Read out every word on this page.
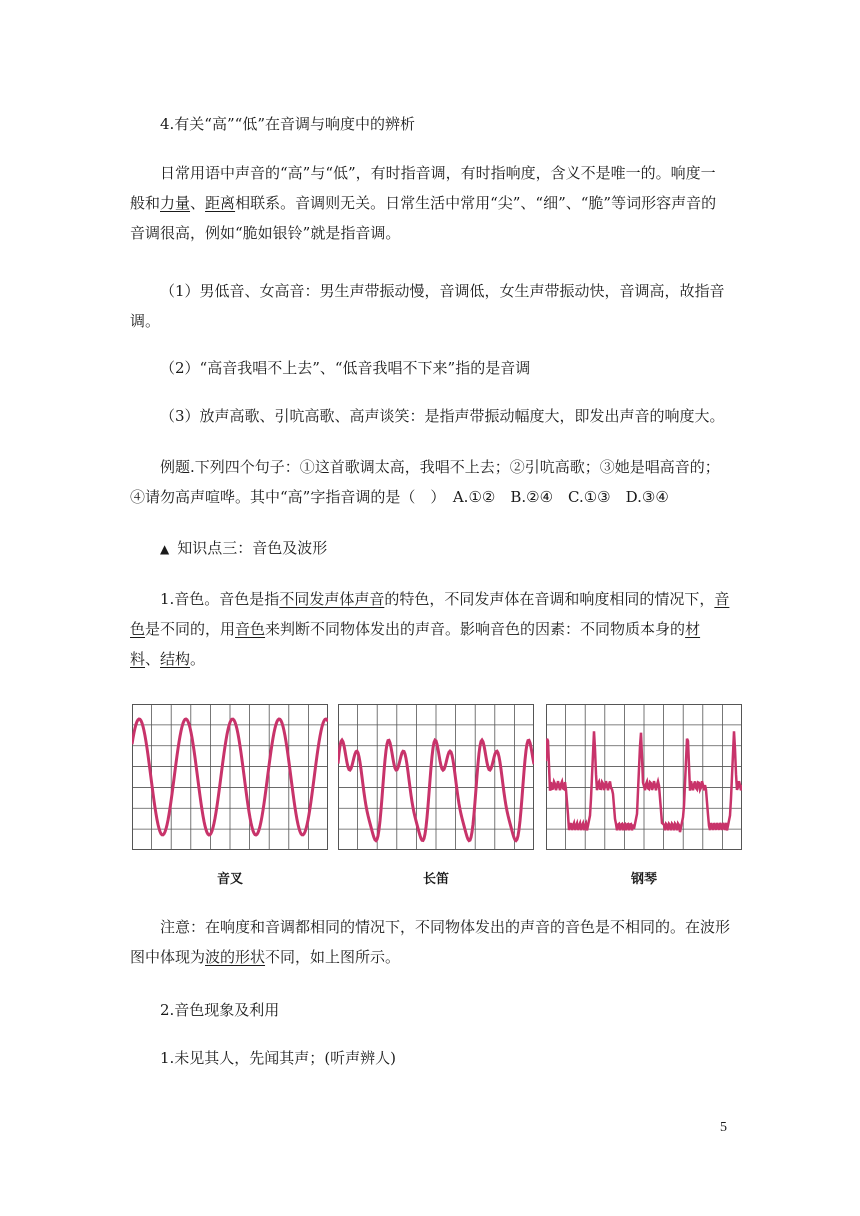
4.有关“高”“低”在音调与响度中的辨析

日常用语中声音的“高”与“低”，有时指音调，有时指响度，含义不是唯一的。响度一般和力量、距离相联系。音调则无关。日常生活中常用“尖”、“细”、“脆”等词形容声音的音调很高，例如“脆如银铃”就是指音调。

（1）男低音、女高音：男生声带振动慢，音调低，女生声带振动快，音调高，故指音调。

（2）“高音我唱不上去”、“低音我唱不下来”指的是音调

（3）放声高歌、引吭高歌、高声谈笑：是指声带振动幅度大，即发出声音的响度大。

例题.下列四个句子：①这首歌调太高，我唱不上去；②引吭高歌；③她是唱高音的；④请勿高声喧哗。其中“高”字指音调的是（　）　A.①②　B.②④　C.①③　D.③④

▲ 知识点三：音色及波形

1.音色。音色是指不同发声体声音的特色，不同发声体在音调和响度相同的情况下，音色是不同的，用音色来判断不同物体发出的声音。影响音色的因素：不同物质本身的材料、结构。

音叉	长笛	钢琴

注意：在响度和音调都相同的情况下，不同物体发出的声音的音色是不相同的。在波形图中体现为波的形状不同，如上图所示。

2.音色现象及利用

1.未见其人，先闻其声；(听声辨人)

5
